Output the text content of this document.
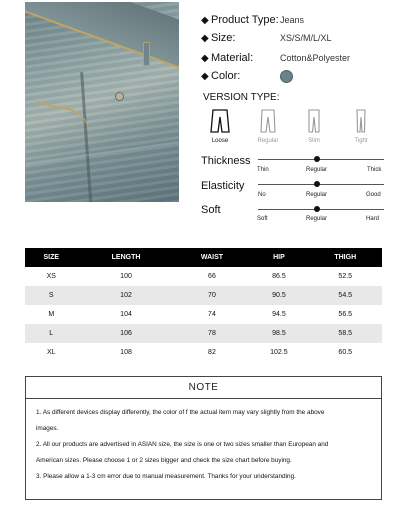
◆ Product Type: Jeans
◆ Size:	XS/S/M/L/XL
◆ Material:	Cotton&Polyester
◆ Color:
VERSION TYPE:
Loose	Regular	Slim	Tight
Thickness
Thin	Regular	Thick
Elasticity
No	Regular	Good
Soft
Soft	Regular	Hard
SIZE	LENGTH	WAIST	HIP	THIGH
XS	100	66	86.5	52.5
S	102	70	90.5	54.5
M	104	74	94.5	56.5
L	106	78	98.5	58.5
XL	108	82	102.5	60.5
NOTE
1. As different devices display differently, the color of f the actual item may vary slightly from the above
images.
2. All our products are advertised in ASIAN size, the size is one or two sizes smaller than European and
American sizes. Please choose 1 or 2 sizes bigger and check the size chart before buying.
3. Please allow a 1-3 cm error due to manual measurement. Thanks for your understanding.
